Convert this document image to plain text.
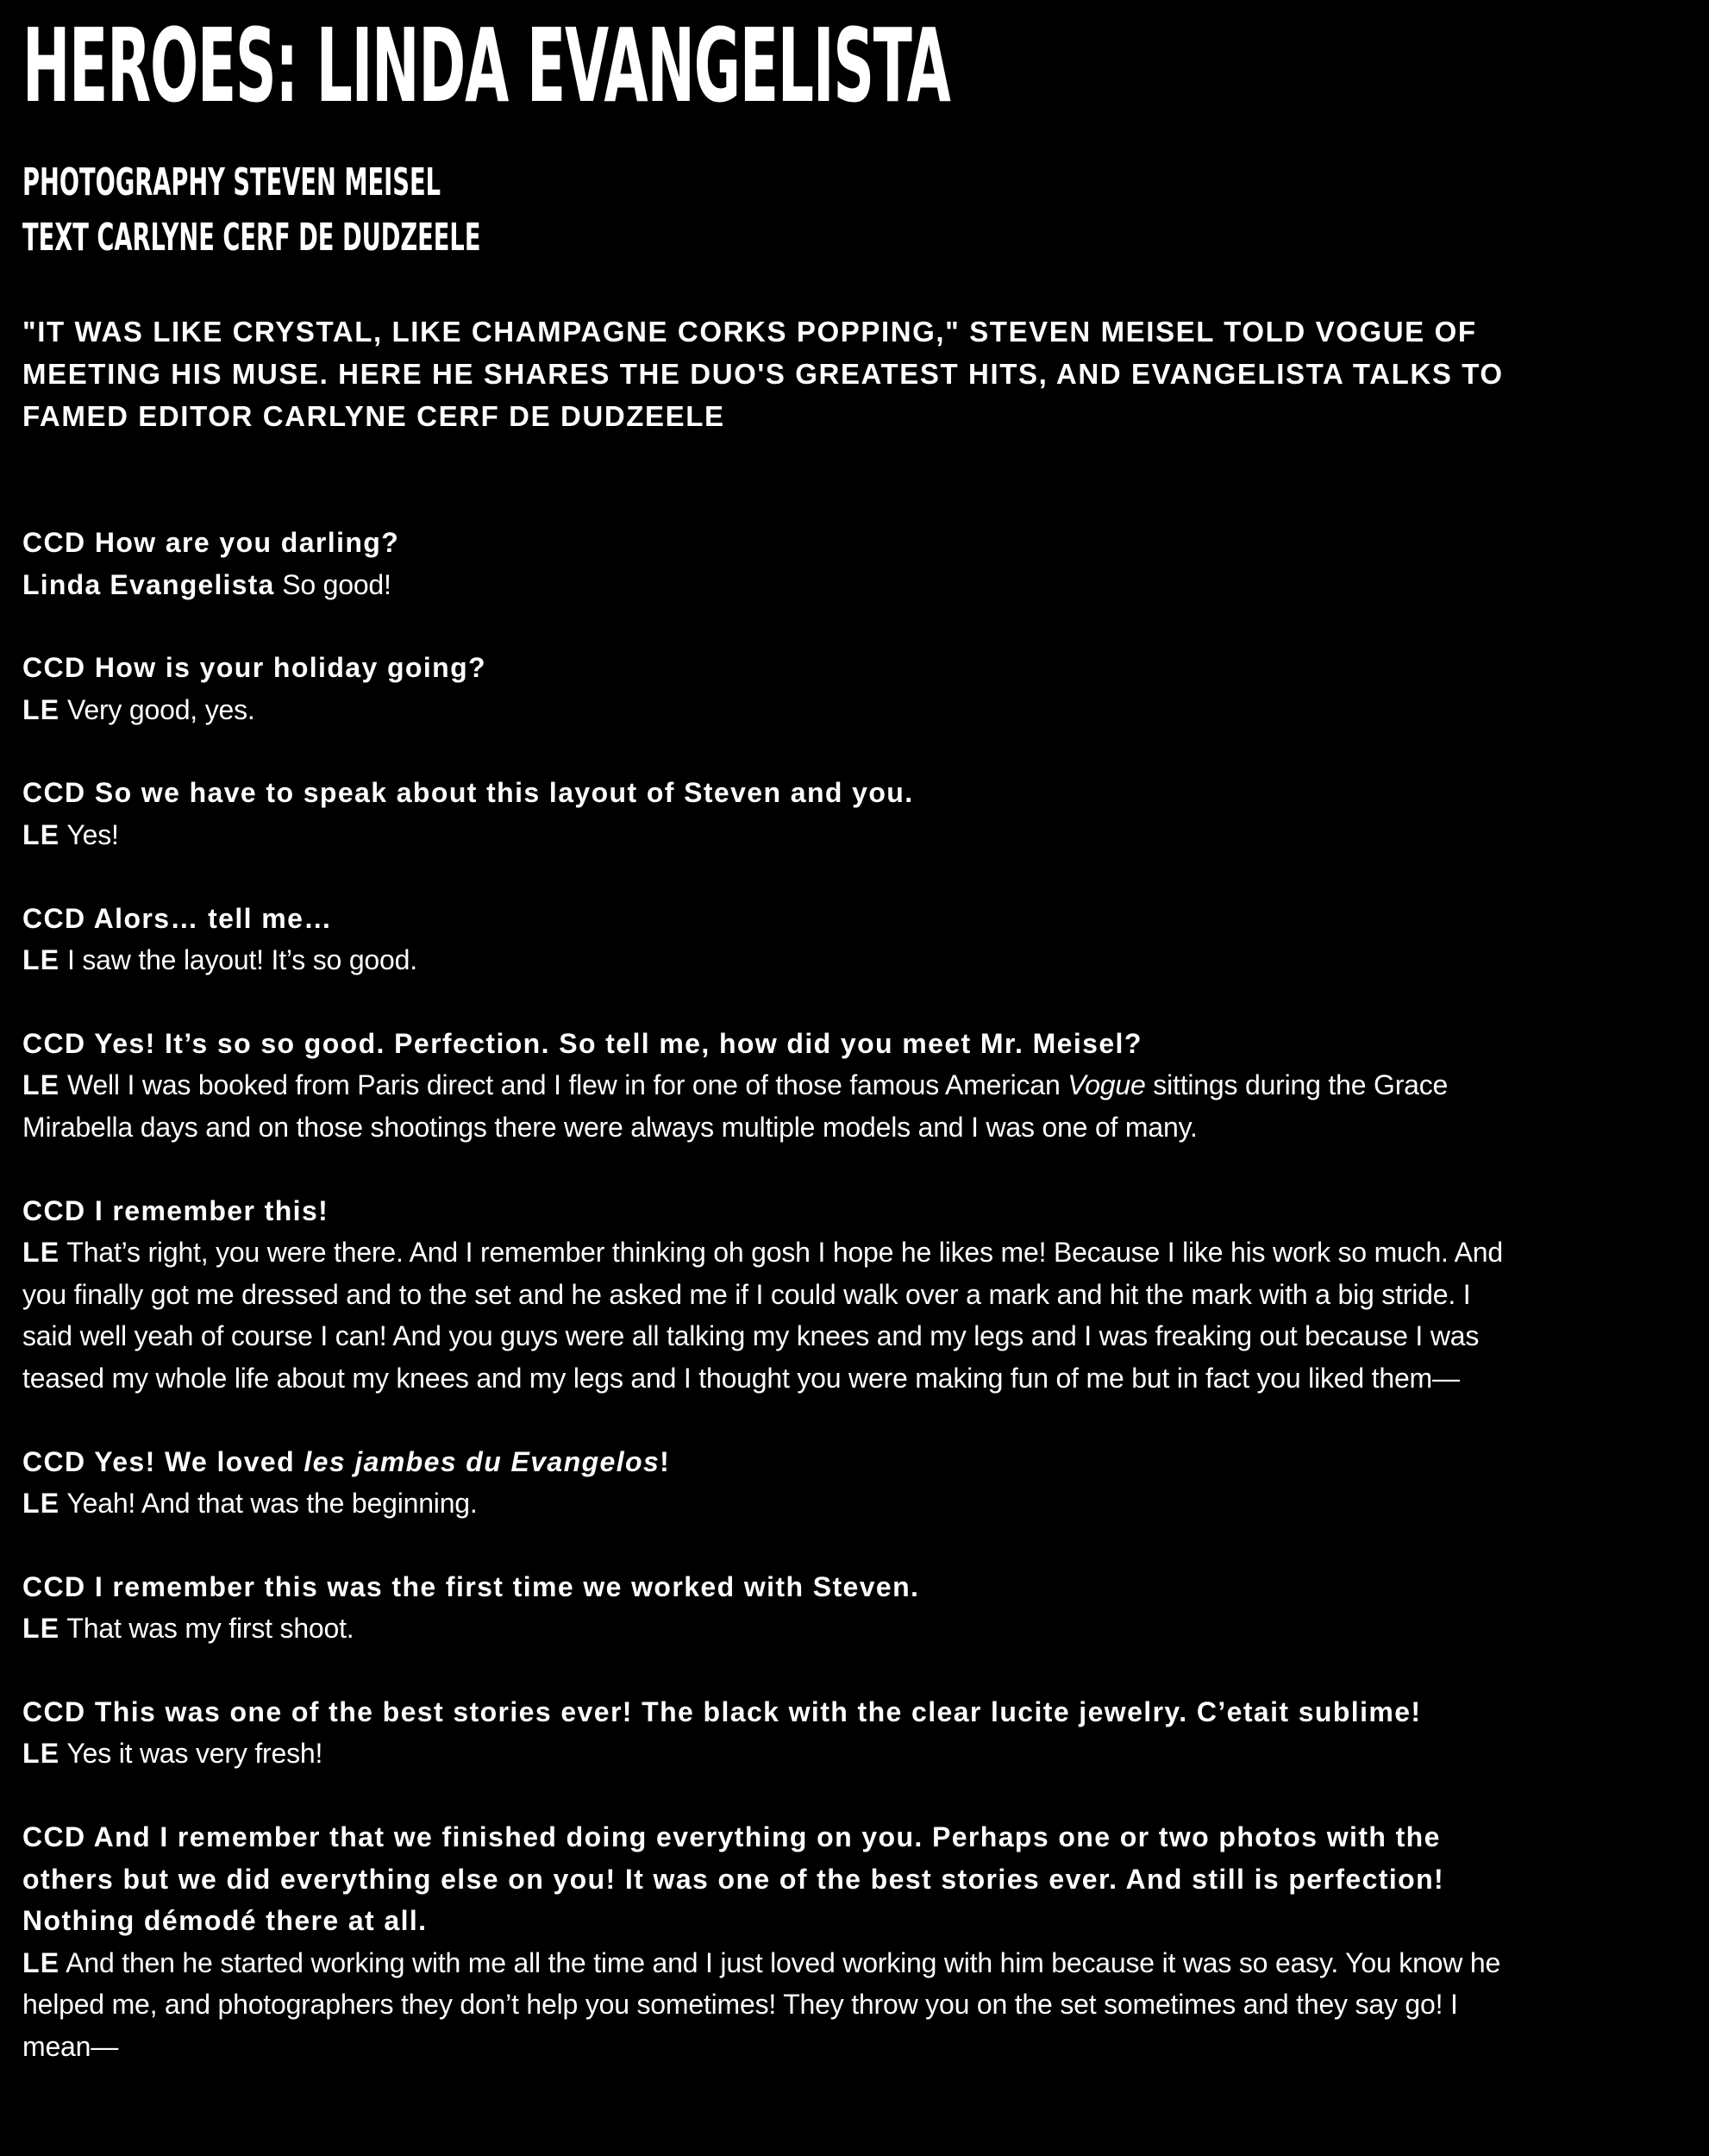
HEROES: LINDA EVANGELISTA
PHOTOGRAPHY STEVEN MEISEL
TEXT CARLYNE CERF DE DUDZEELE
"IT WAS LIKE CRYSTAL, LIKE CHAMPAGNE CORKS POPPING," STEVEN MEISEL TOLD VOGUE OF MEETING HIS MUSE. HERE HE SHARES THE DUO'S GREATEST HITS, AND EVANGELISTA TALKS TO FAMED EDITOR CARLYNE CERF DE DUDZEELE
CCD How are you darling?
Linda Evangelista So good!
CCD How is your holiday going?
LE Very good, yes.
CCD So we have to speak about this layout of Steven and you.
LE Yes!
CCD Alors… tell me…
LE I saw the layout! It’s so good.
CCD Yes! It’s so so good. Perfection. So tell me, how did you meet Mr. Meisel?
LE Well I was booked from Paris direct and I flew in for one of those famous American Vogue sittings during the Grace Mirabella days and on those shootings there were always multiple models and I was one of many.
CCD I remember this!
LE That’s right, you were there. And I remember thinking oh gosh I hope he likes me! Because I like his work so much. And you finally got me dressed and to the set and he asked me if I could walk over a mark and hit the mark with a big stride. I said well yeah of course I can! And you guys were all talking my knees and my legs and I was freaking out because I was teased my whole life about my knees and my legs and I thought you were making fun of me but in fact you liked them—
CCD Yes! We loved les jambes du Evangelos!
LE Yeah! And that was the beginning.
CCD I remember this was the first time we worked with Steven.
LE That was my first shoot.
CCD This was one of the best stories ever! The black with the clear lucite jewelry. C’etait sublime!
LE Yes it was very fresh!
CCD And I remember that we finished doing everything on you. Perhaps one or two photos with the others but we did everything else on you! It was one of the best stories ever. And still is perfection! Nothing démodé there at all.
LE And then he started working with me all the time and I just loved working with him because it was so easy. You know he helped me, and photographers they don’t help you sometimes! They throw you on the set sometimes and they say go! I mean—
